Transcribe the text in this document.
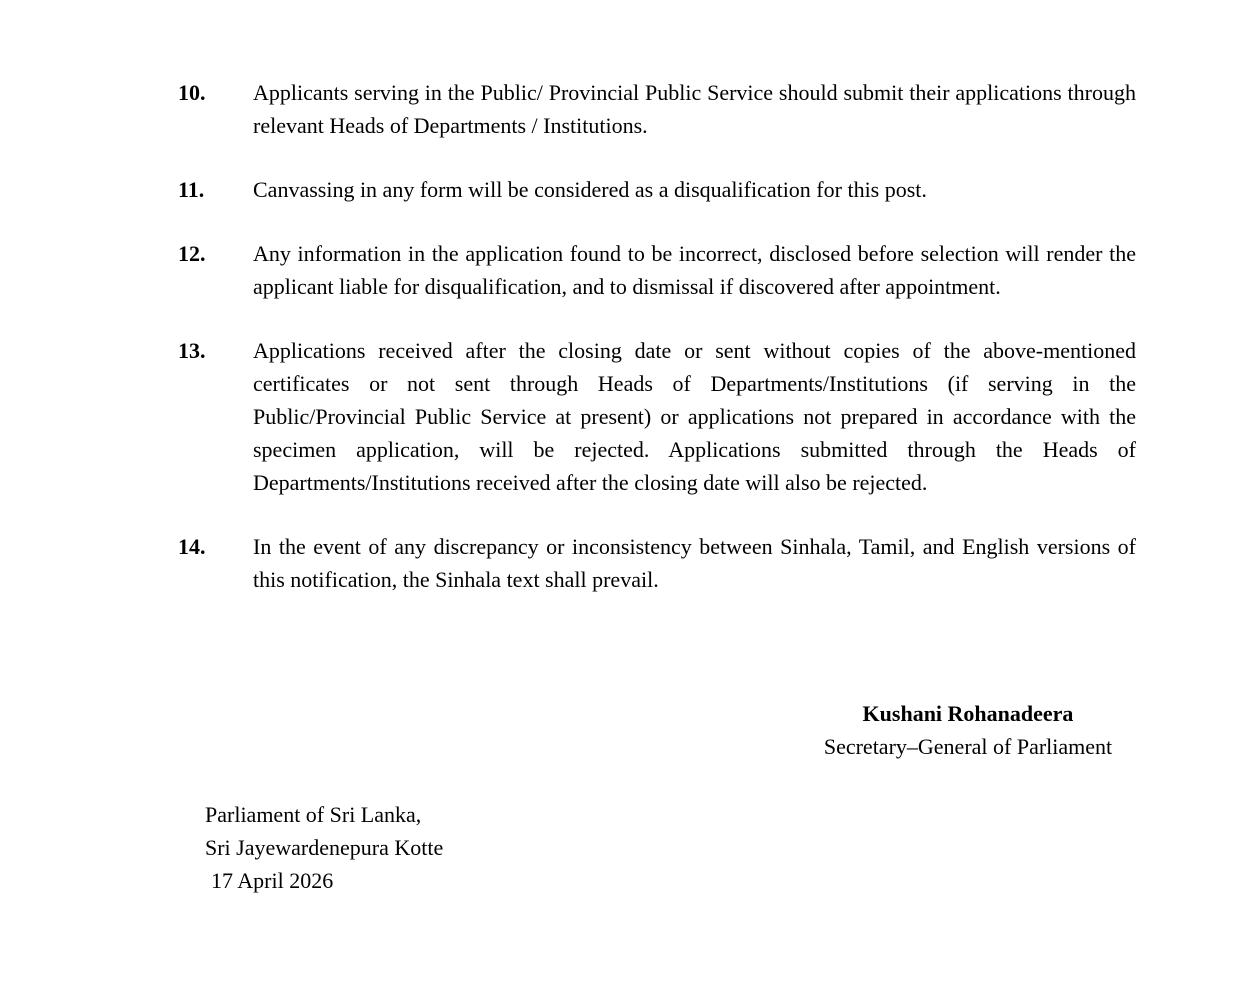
10.	Applicants serving in the Public/ Provincial Public Service should submit their applications through relevant Heads of Departments / Institutions.
11.	Canvassing in any form will be considered as a disqualification for this post.
12.	Any information in the application found to be incorrect, disclosed before selection will render the applicant liable for disqualification, and to dismissal if discovered after appointment.
13.	Applications received after the closing date or sent without copies of the above-mentioned certificates or not sent through Heads of Departments/Institutions (if serving in the Public/Provincial Public Service at present) or applications not prepared in accordance with the specimen application, will be rejected. Applications submitted through the Heads of Departments/Institutions received after the closing date will also be rejected.
14.	In the event of any discrepancy or inconsistency between Sinhala, Tamil, and English versions of this notification, the Sinhala text shall prevail.
Kushani Rohanadeera
Secretary–General of Parliament
Parliament of Sri Lanka,
Sri Jayewardenepura Kotte
17 April 2026
